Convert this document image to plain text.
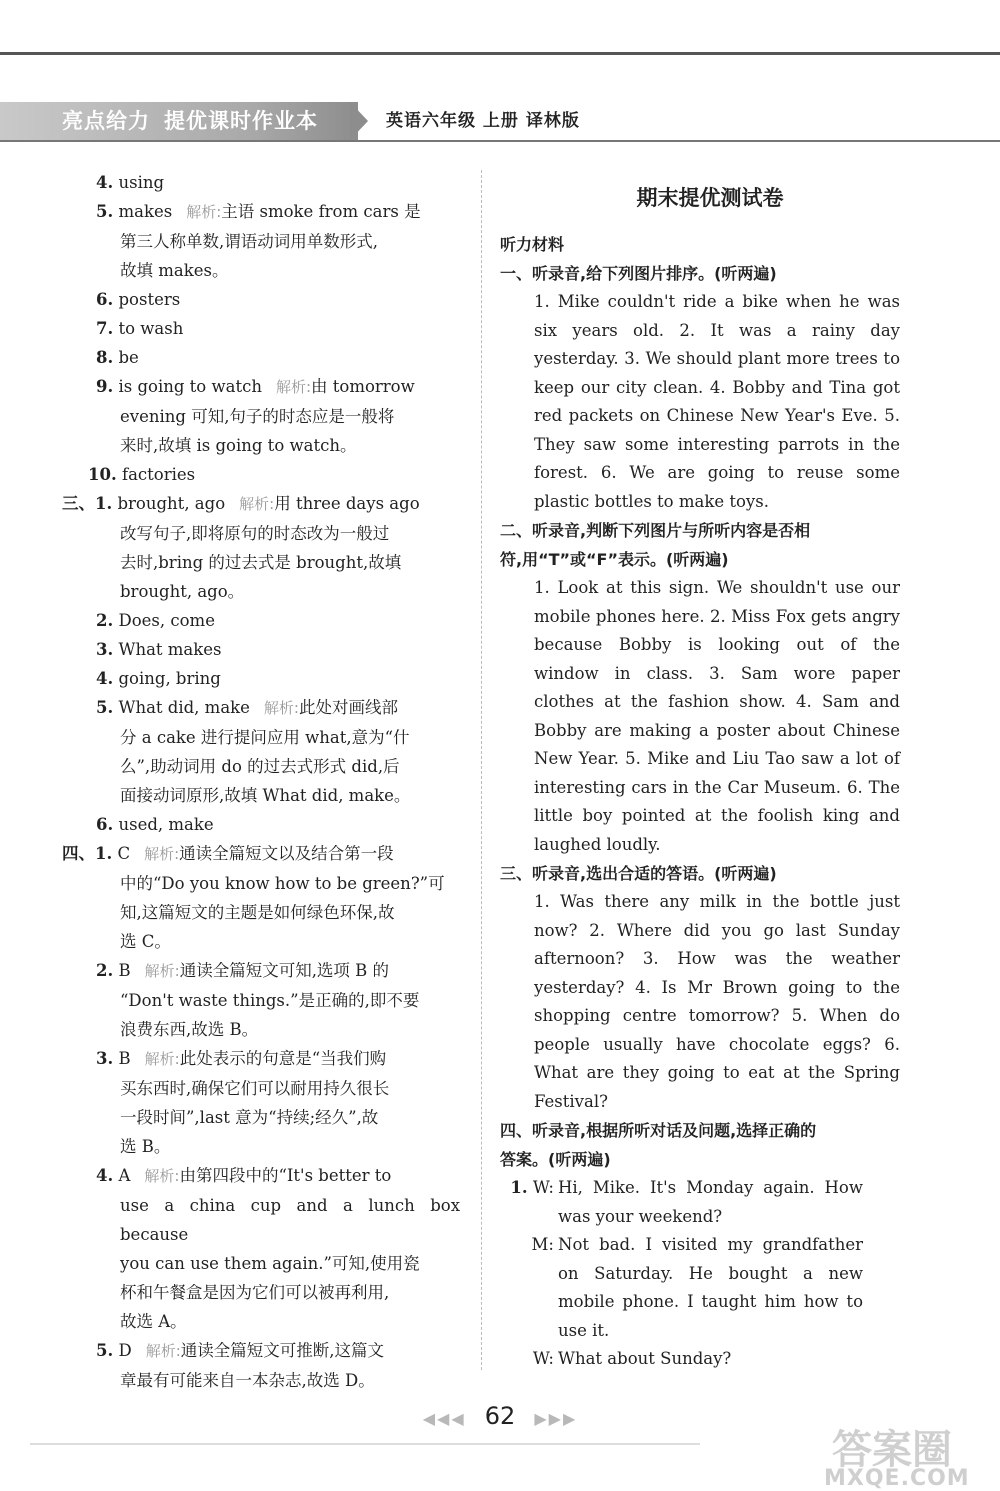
亮点给力 提优课时作业本	英语六年级 上册 译林版
4. using
5. makes 解析:主语 smoke from cars 是
第三人称单数,谓语动词用单数形式,
故填 makes。
6. posters
7. to wash
8. be
9. is going to watch 解析:由 tomorrow
evening 可知,句子的时态应是一般将
来时,故填 is going to watch。
10. factories
三、1. brought, ago 解析:用 three days ago
改写句子,即将原句的时态改为一般过
去时,bring 的过去式是 brought,故填
brought, ago。
2. Does, come
3. What makes
4. going, bring
5. What did, make 解析:此处对画线部
分 a cake 进行提问应用 what,意为“什
么”,助动词用 do 的过去式形式 did,后
面接动词原形,故填 What did, make。
6. used, make
四、1. C 解析:通读全篇短文以及结合第一段
中的“Do you know how to be green?”可
知,这篇短文的主题是如何绿色环保,故
选 C。
2. B 解析:通读全篇短文可知,选项 B 的
“Don't waste things.”是正确的,即不要
浪费东西,故选 B。
3. B 解析:此处表示的句意是“当我们购
买东西时,确保它们可以耐用持久很长
一段时间”,last 意为“持续;经久”,故
选 B。
4. A 解析:由第四段中的“It's better to
use a china cup and a lunch box because
you can use them again.”可知,使用瓷
杯和午餐盒是因为它们可以被再利用,
故选 A。
5. D 解析:通读全篇短文可推断,这篇文
章最有可能来自一本杂志,故选 D。
期末提优测试卷
听力材料
一、听录音,给下列图片排序。(听两遍)
1. Mike couldn't ride a bike when he was six years old. 2. It was a rainy day yesterday. 3. We should plant more trees to keep our city clean. 4. Bobby and Tina got red packets on Chinese New Year's Eve. 5. They saw some interesting parrots in the forest. 6. We are going to reuse some plastic bottles to make toys.
二、听录音,判断下列图片与所听内容是否相
符,用“T”或“F”表示。(听两遍)
1. Look at this sign. We shouldn't use our mobile phones here. 2. Miss Fox gets angry because Bobby is looking out of the window in class. 3. Sam wore paper clothes at the fashion show. 4. Sam and Bobby are making a poster about Chinese New Year. 5. Mike and Liu Tao saw a lot of interesting cars in the Car Museum. 6. The little boy pointed at the foolish king and laughed loudly.
三、听录音,选出合适的答语。(听两遍)
1. Was there any milk in the bottle just now? 2. Where did you go last Sunday afternoon? 3. How was the weather yesterday? 4. Is Mr Brown going to the shopping centre tomorrow? 5. When do people usually have chocolate eggs? 6. What are they going to eat at the Spring Festival?
四、听录音,根据所听对话及问题,选择正确的
答案。(听两遍)
1. W: Hi, Mike. It's Monday again. How was your weekend?
M: Not bad. I visited my grandfather on Saturday. He bought a new mobile phone. I taught him how to use it.
W: What about Sunday?
◀◀◀ 62 ▶▶▶
答案圈
MXQE.COM
